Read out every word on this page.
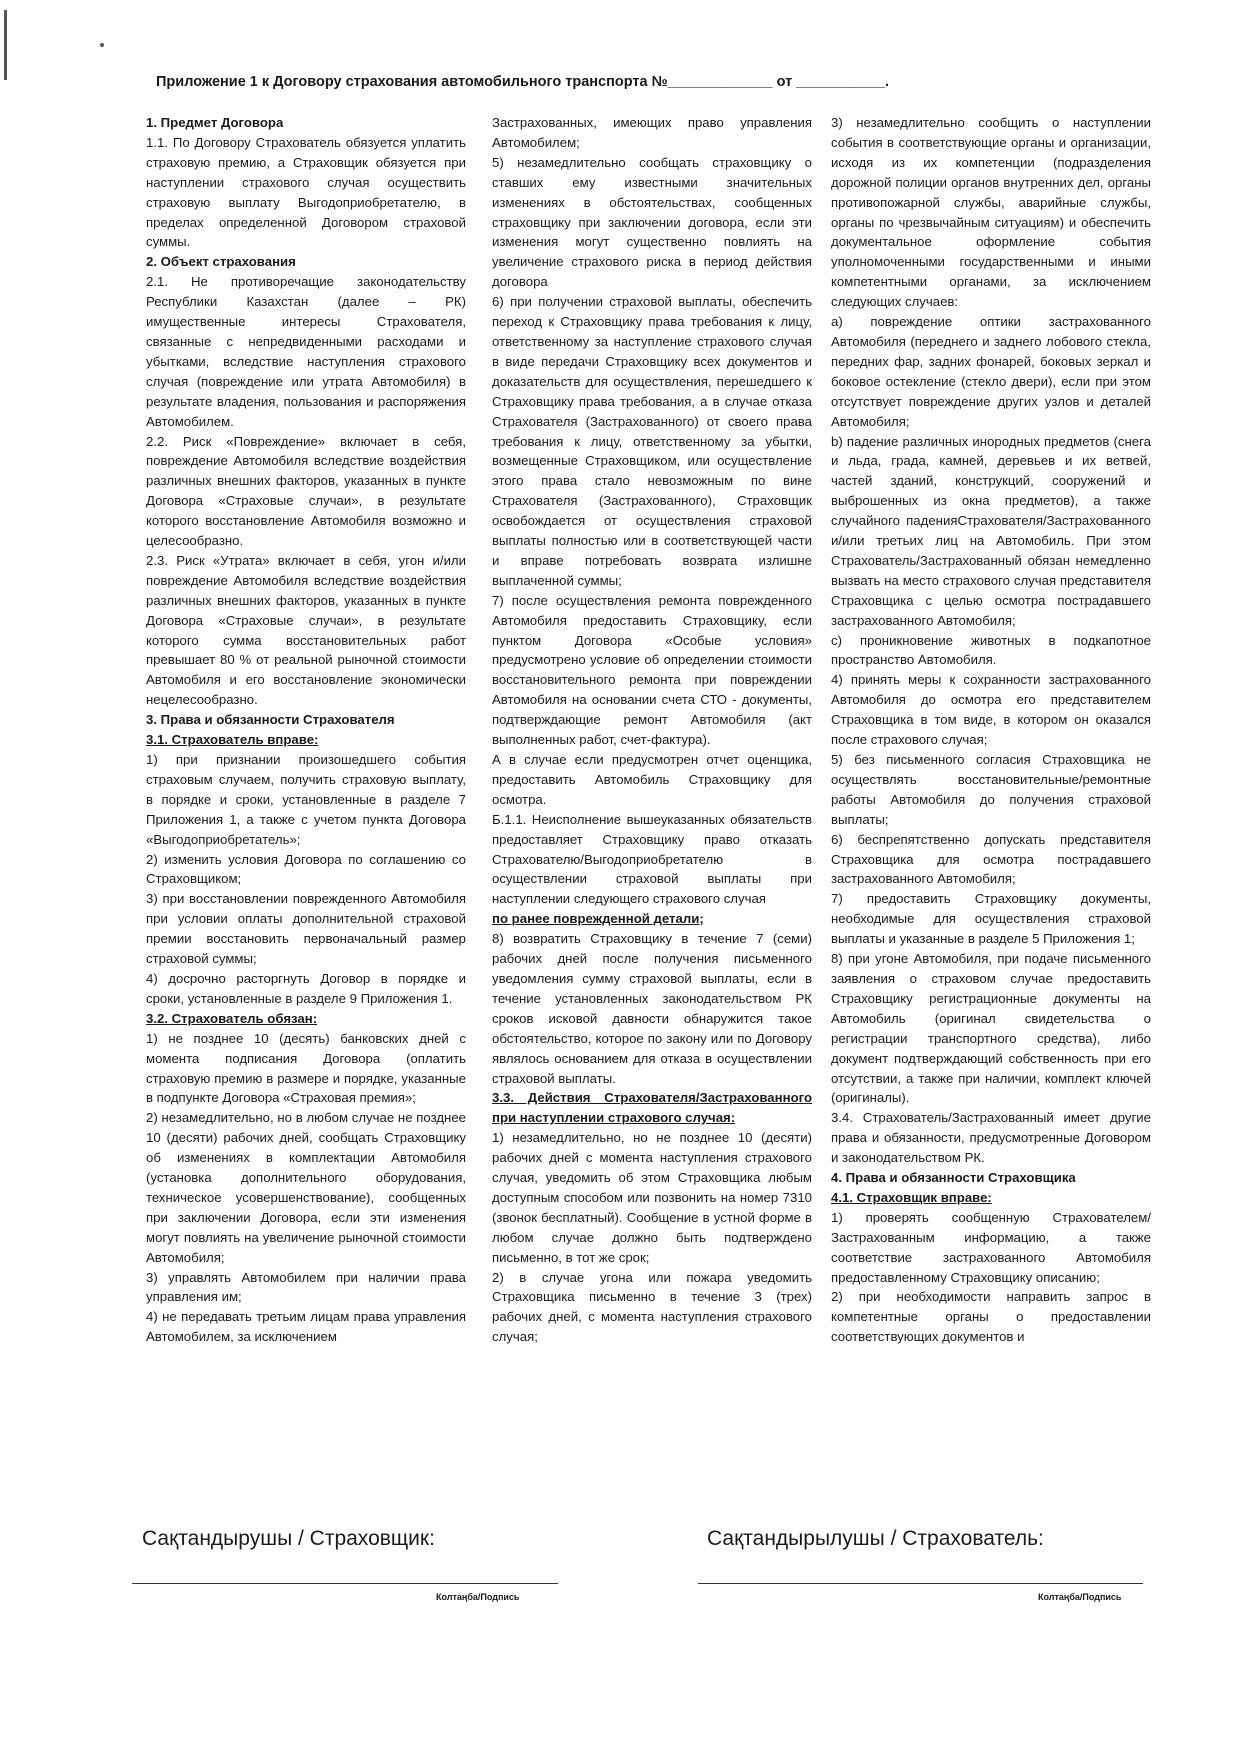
Приложение 1 к Договору страхования автомобильного транспорта №_____________ от ___________.

1. Предмет Договора

1.1. По Договору Страхователь обязуется уплатить страховую премию, а Страховщик обязуется при наступлении страхового случая осуществить страховую выплату Выгодоприобретателю, в пределах определенной Договором страховой суммы.

2. Объект страхования

2.1. Не противоречащие законодательству Республики Казахстан (далее – РК) имущественные интересы Страхователя, связанные с непредвиденными расходами и убытками, вследствие наступления страхового случая (повреждение или утрата Автомобиля) в результате владения, пользования и распоряжения Автомобилем.

2.2. Риск «Повреждение» включает в себя, повреждение Автомобиля вследствие воздействия различных внешних факторов, указанных в пункте Договора «Страховые случаи», в результате которого восстановление Автомобиля возможно и целесообразно.

2.3. Риск «Утрата» включает в себя, угон и/или повреждение Автомобиля вследствие воздействия различных внешних факторов, указанных в пункте Договора «Страховые случаи», в результате которого сумма восстановительных работ превышает 80 % от реальной рыночной стоимости Автомобиля и его восстановление экономически нецелесообразно.

3. Права и обязанности Страхователя

3.1. Страхователь вправе:

1) при признании произошедшего события страховым случаем, получить страховую выплату, в порядке и сроки, установленные в разделе 7 Приложения 1, а также с учетом пункта Договора «Выгодоприобретатель»;

2) изменить условия Договора по соглашению со Страховщиком;

3) при восстановлении поврежденного Автомобиля при условии оплаты дополнительной страховой премии восстановить первоначальный размер страховой суммы;

4) досрочно расторгнуть Договор в порядке и сроки, установленные в разделе 9 Приложения 1.

3.2. Страхователь обязан:

1) не позднее 10 (десять) банковских дней с момента подписания Договора (оплатить страховую премию в размере и порядке, указанные в подпункте Договора «Страховая премия»;

2) незамедлительно, но в любом случае не позднее 10 (десяти) рабочих дней, сообщать Страховщику об изменениях в комплектации Автомобиля (установка дополнительного оборудования, техническое усовершенствование), сообщенных при заключении Договора, если эти изменения могут повлиять на увеличение рыночной стоимости Автомобиля;

3) управлять Автомобилем при наличии права управления им;

4) не передавать третьим лицам права управления Автомобилем, за исключением

Застрахованных, имеющих право управления Автомобилем;

5) незамедлительно сообщать страховщику о ставших ему известными значительных изменениях в обстоятельствах, сообщенных страховщику при заключении договора, если эти изменения могут существенно повлиять на увеличение страхового риска в период действия договора

6) при получении страховой выплаты, обеспечить переход к Страховщику права требования к лицу, ответственному за наступление страхового случая в виде передачи Страховщику всех документов и доказательств для осуществления, перешедшего к Страховщику права требования, а в случае отказа Страхователя (Застрахованного) от своего права требования к лицу, ответственному за убытки, возмещенные Страховщиком, или осуществление этого права стало невозможным по вине Страхователя (Застрахованного), Страховщик освобождается от осуществления страховой выплаты полностью или в соответствующей части и вправе потребовать возврата излишне выплаченной суммы;

7) после осуществления ремонта поврежденного Автомобиля предоставить Страховщику, если пунктом Договора «Особые условия» предусмотрено условие об определении стоимости восстановительного ремонта при повреждении Автомобиля на основании счета СТО - документы, подтверждающие ремонт Автомобиля (акт выполненных работ, счет-фактура).

А в случае если предусмотрен отчет оценщика, предоставить Автомобиль Страховщику для осмотра.

Б.1.1. Неисполнение вышеуказанных обязательств предоставляет Страховщику право отказать Страхователю/Выгодоприобретателю в осуществлении страховой выплаты при наступлении следующего страхового случая

по ранее поврежденной детали;

8) возвратить Страховщику в течение 7 (семи) рабочих дней после получения письменного уведомления сумму страховой выплаты, если в течение установленных законодательством РК сроков исковой давности обнаружится такое обстоятельство, которое по закону или по Договору являлось основанием для отказа в осуществлении страховой выплаты.

3.3. Действия Страхователя/Застрахованного при наступлении страхового случая:

1) незамедлительно, но не позднее 10 (десяти) рабочих дней с момента наступления страхового случая, уведомить об этом Страховщика любым доступным способом или позвонить на номер 7310 (звонок бесплатный). Сообщение в устной форме в любом случае должно быть подтверждено письменно, в тот же срок;

2) в случае угона или пожара уведомить Страховщика письменно в течение 3 (трех) рабочих дней, с момента наступления страхового случая;

3) незамедлительно сообщить о наступлении события в соответствующие органы и организации, исходя из их компетенции (подразделения дорожной полиции органов внутренних дел, органы противопожарной службы, аварийные службы, органы по чрезвычайным ситуациям) и обеспечить документальное оформление события уполномоченными государственными и иными компетентными органами, за исключением следующих случаев:

a) повреждение оптики застрахованного Автомобиля (переднего и заднего лобового стекла, передних фар, задних фонарей, боковых зеркал и боковое остекление (стекло двери), если при этом отсутствует повреждение других узлов и деталей Автомобиля;

b) падение различных инородных предметов (снега и льда, града, камней, деревьев и их ветвей, частей зданий, конструкций, сооружений и выброшенных из окна предметов), а также случайного паденияСтрахователя/Застрахованного и/или третьих лиц на Автомобиль. При этом Страхователь/Застрахованный обязан немедленно вызвать на место страхового случая представителя Страховщика с целью осмотра пострадавшего застрахованного Автомобиля;

c) проникновение животных в подкапотное пространство Автомобиля.

4) принять меры к сохранности застрахованного Автомобиля до осмотра его представителем Страховщика в том виде, в котором он оказался после страхового случая;

5) без письменного согласия Страховщика не осуществлять восстановительные/ремонтные работы Автомобиля до получения страховой выплаты;

6) беспрепятственно допускать представителя Страховщика для осмотра пострадавшего застрахованного Автомобиля;

7) предоставить Страховщику документы, необходимые для осуществления страховой выплаты и указанные в разделе 5 Приложения 1;

8) при угоне Автомобиля, при подаче письменного заявления о страховом случае предоставить Страховщику регистрационные документы на Автомобиль (оригинал свидетельства о регистрации транспортного средства), либо документ подтверждающий собственность при его отсутствии, а также при наличии, комплект ключей (оригиналы).

3.4. Страхователь/Застрахованный имеет другие права и обязанности, предусмотренные Договором и законодательством РК.

4. Права и обязанности Страховщика

4.1. Страховщик вправе:

1) проверять сообщенную Страхователем/Застрахованным информацию, а также соответствие застрахованного Автомобиля предоставленному Страховщику описанию;

2) при необходимости направить запрос в компетентные органы о предоставлении соответствующих документов и

Сақтандырушы / Страховщик:
Колтаңба/Подпись
Сақтандырылушы / Страхователь:
Колтаңба/Подпись
